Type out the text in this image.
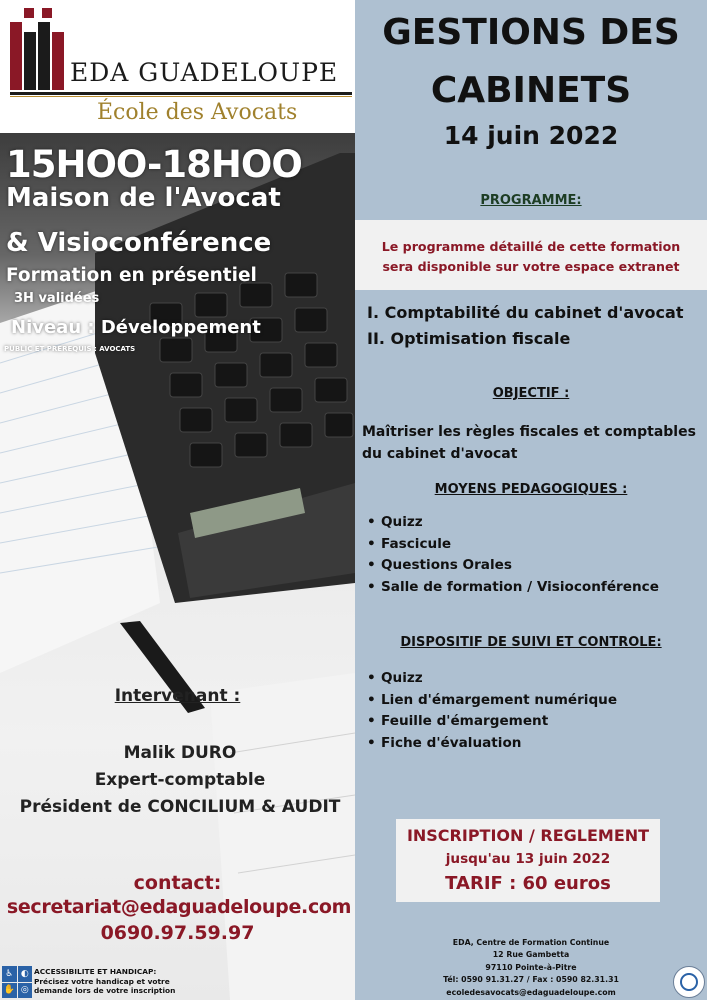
EDA GUADELOUPE
École des Avocats
15HOO-18HOO
Maison de l'Avocat
& Visioconférence
Formation en présentiel
3H validées
Niveau : Développement
PUBLIC ET PREREQUIS : AVOCATS
Intervenant :
Malik DURO
Expert-comptable
Président de CONCILIUM & AUDIT
contact:
secretariat@edaguadeloupe.com
0690.97.59.97
♿ ◐
✋ ◎
ACCESSIBILITE ET HANDICAP:
Précisez votre handicap et votre
demande lors de votre inscription
GESTIONS DES
CABINETS
14 juin 2022
PROGRAMME:
Le programme détaillé de cette formation
sera disponible sur votre espace extranet
I. Comptabilité du cabinet d'avocat
II. Optimisation fiscale
OBJECTIF :
Maîtriser les règles fiscales et comptables
du cabinet d'avocat
MOYENS PEDAGOGIQUES :
• Quizz
• Fascicule
• Questions Orales
• Salle de formation / Visioconférence
DISPOSITIF DE SUIVI ET CONTROLE:
• Quizz
• Lien d'émargement numérique
• Feuille d'émargement
• Fiche d'évaluation
INSCRIPTION / REGLEMENT
jusqu'au 13 juin 2022
TARIF : 60 euros
EDA, Centre de Formation Continue
12 Rue Gambetta
97110 Pointe-à-Pitre
Tél: 0590 91.31.27 / Fax : 0590 82.31.31
ecoledesavocats@edaguadeloupe.com
